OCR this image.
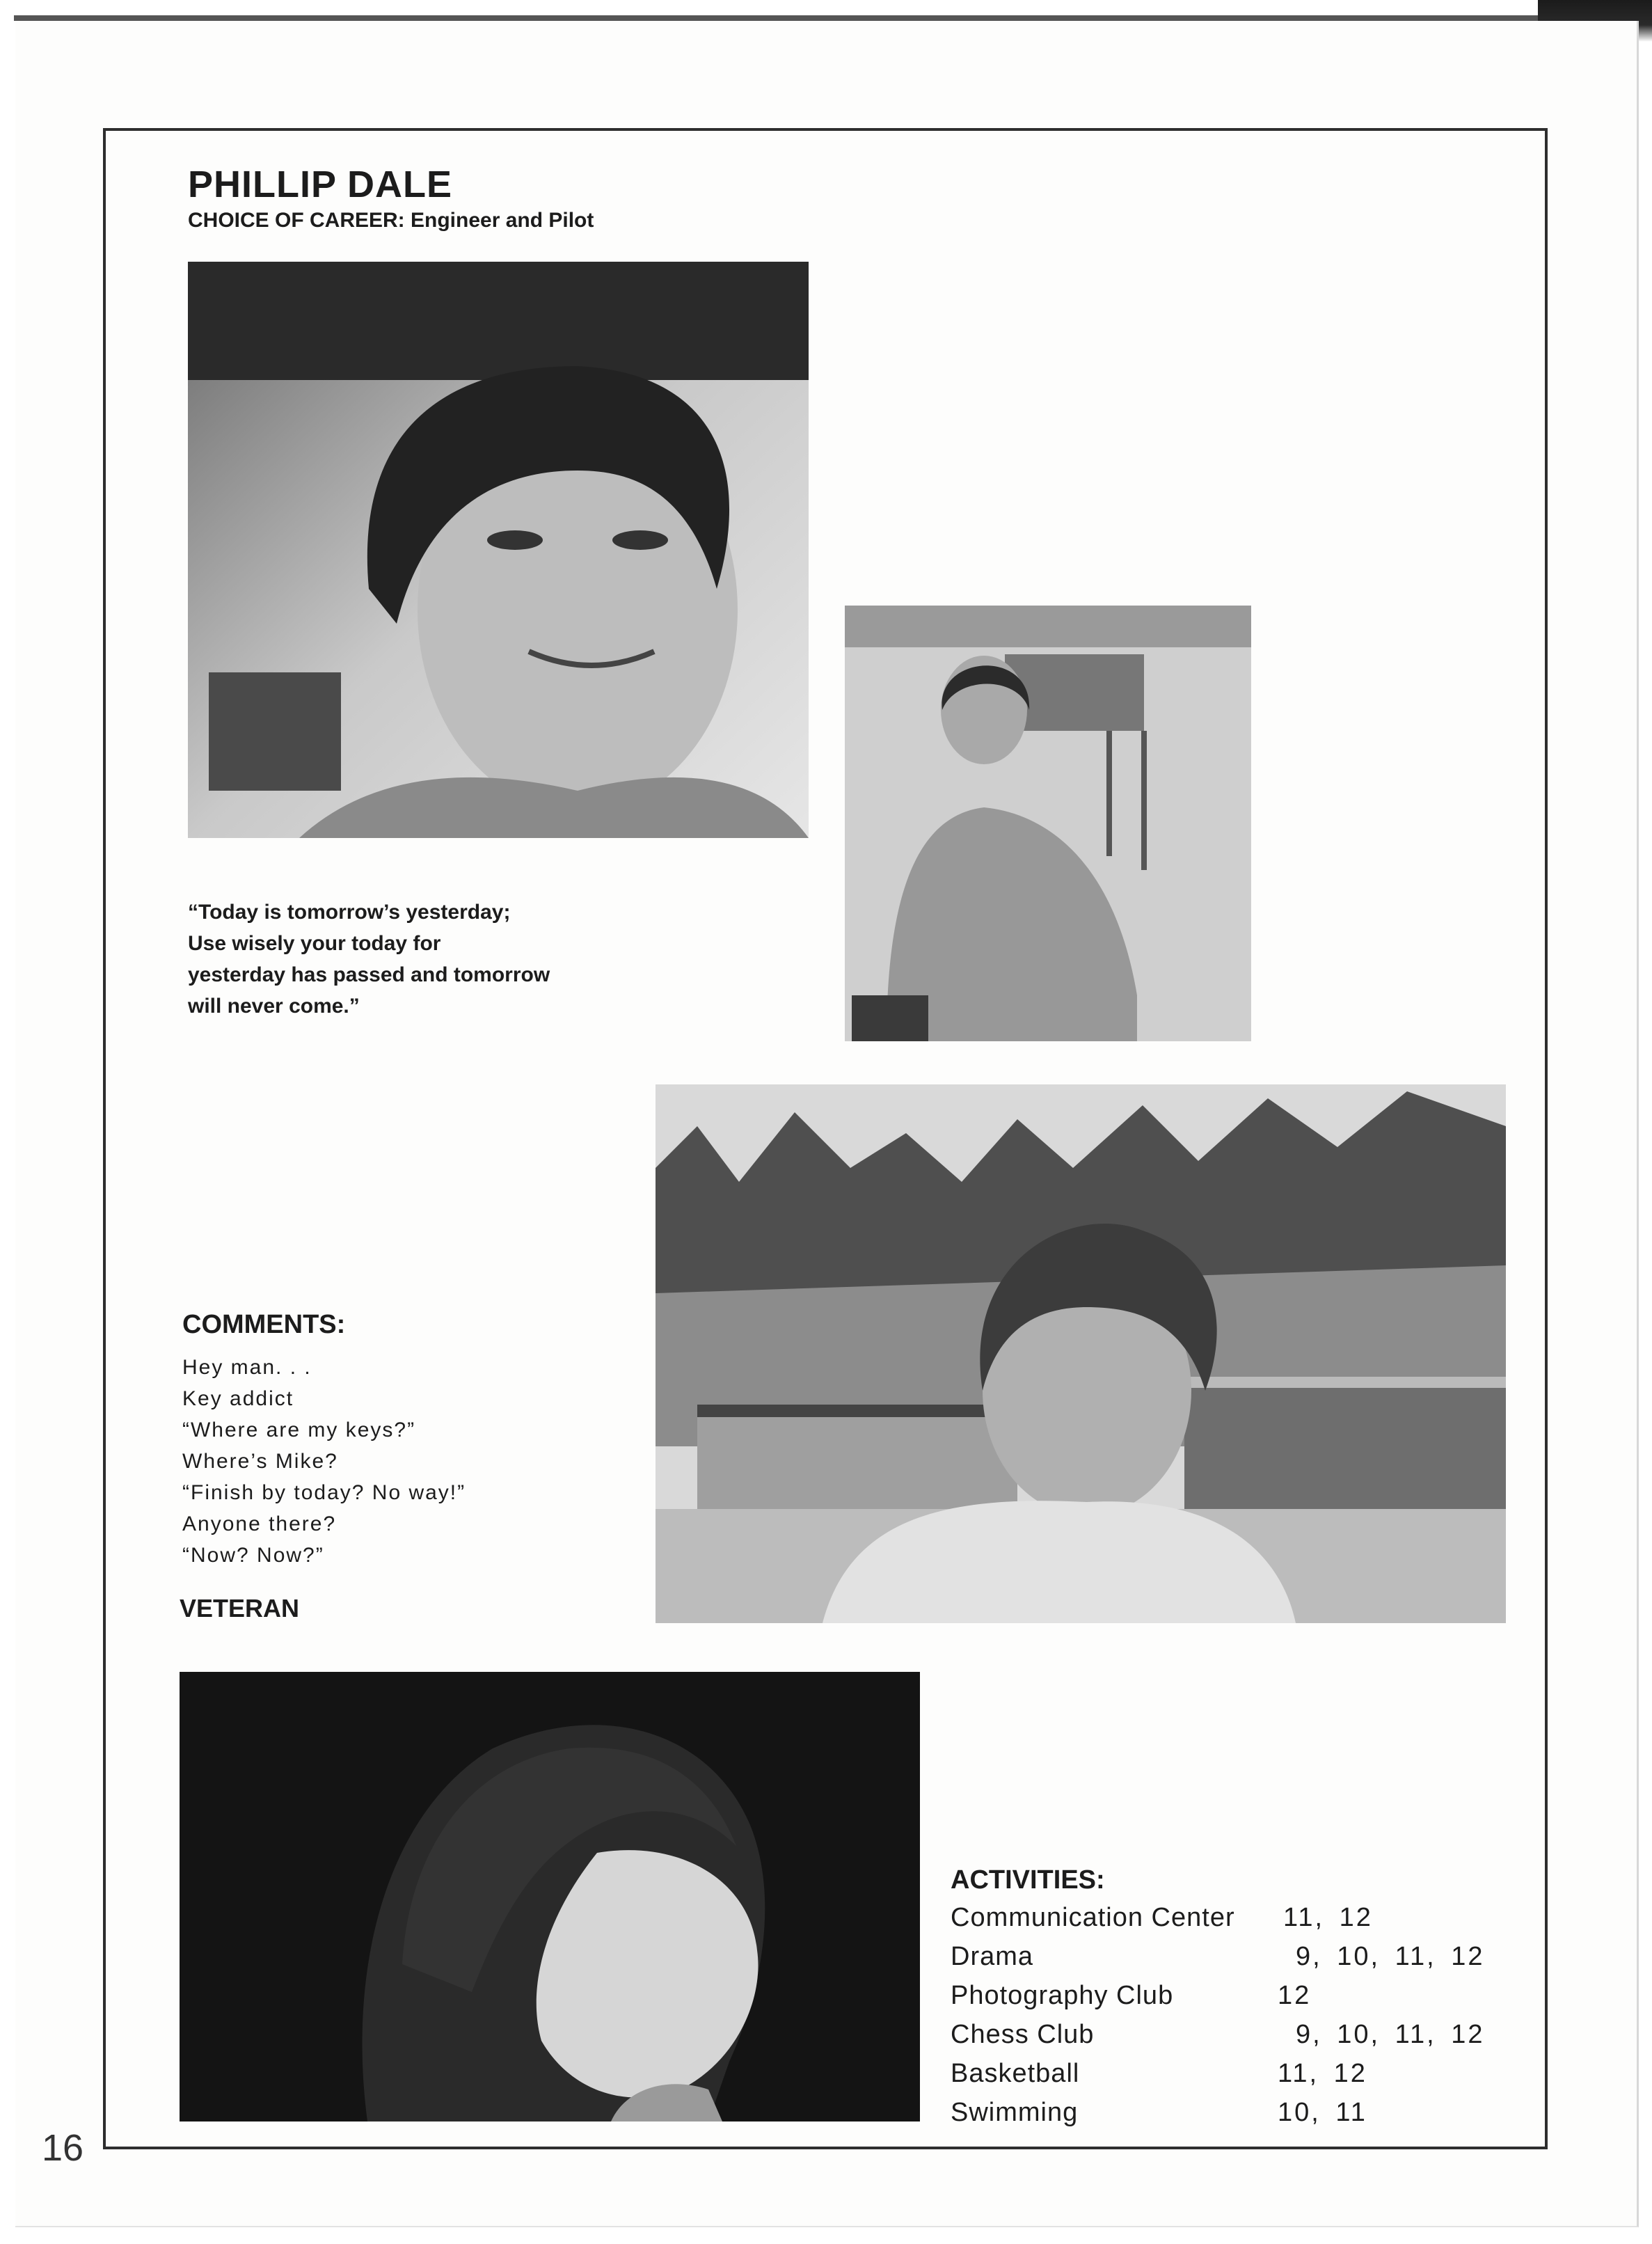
PHILLIP DALE
CHOICE OF CAREER: Engineer and Pilot
“Today is tomorrow’s yesterday;
Use wisely your today for
yesterday has passed and tomorrow
will never come.”
COMMENTS:
Hey man. . .
Key addict
“Where are my keys?”
Where’s Mike?
“Finish by today? No way!”
Anyone there?
“Now? Now?”
VETERAN
ACTIVITIES:
Communication Center 11, 12
Drama	9, 10, 11, 12
Photography Club	12
Chess Club	9, 10, 11, 12
Basketball	11, 12
Swimming	10, 11
16
